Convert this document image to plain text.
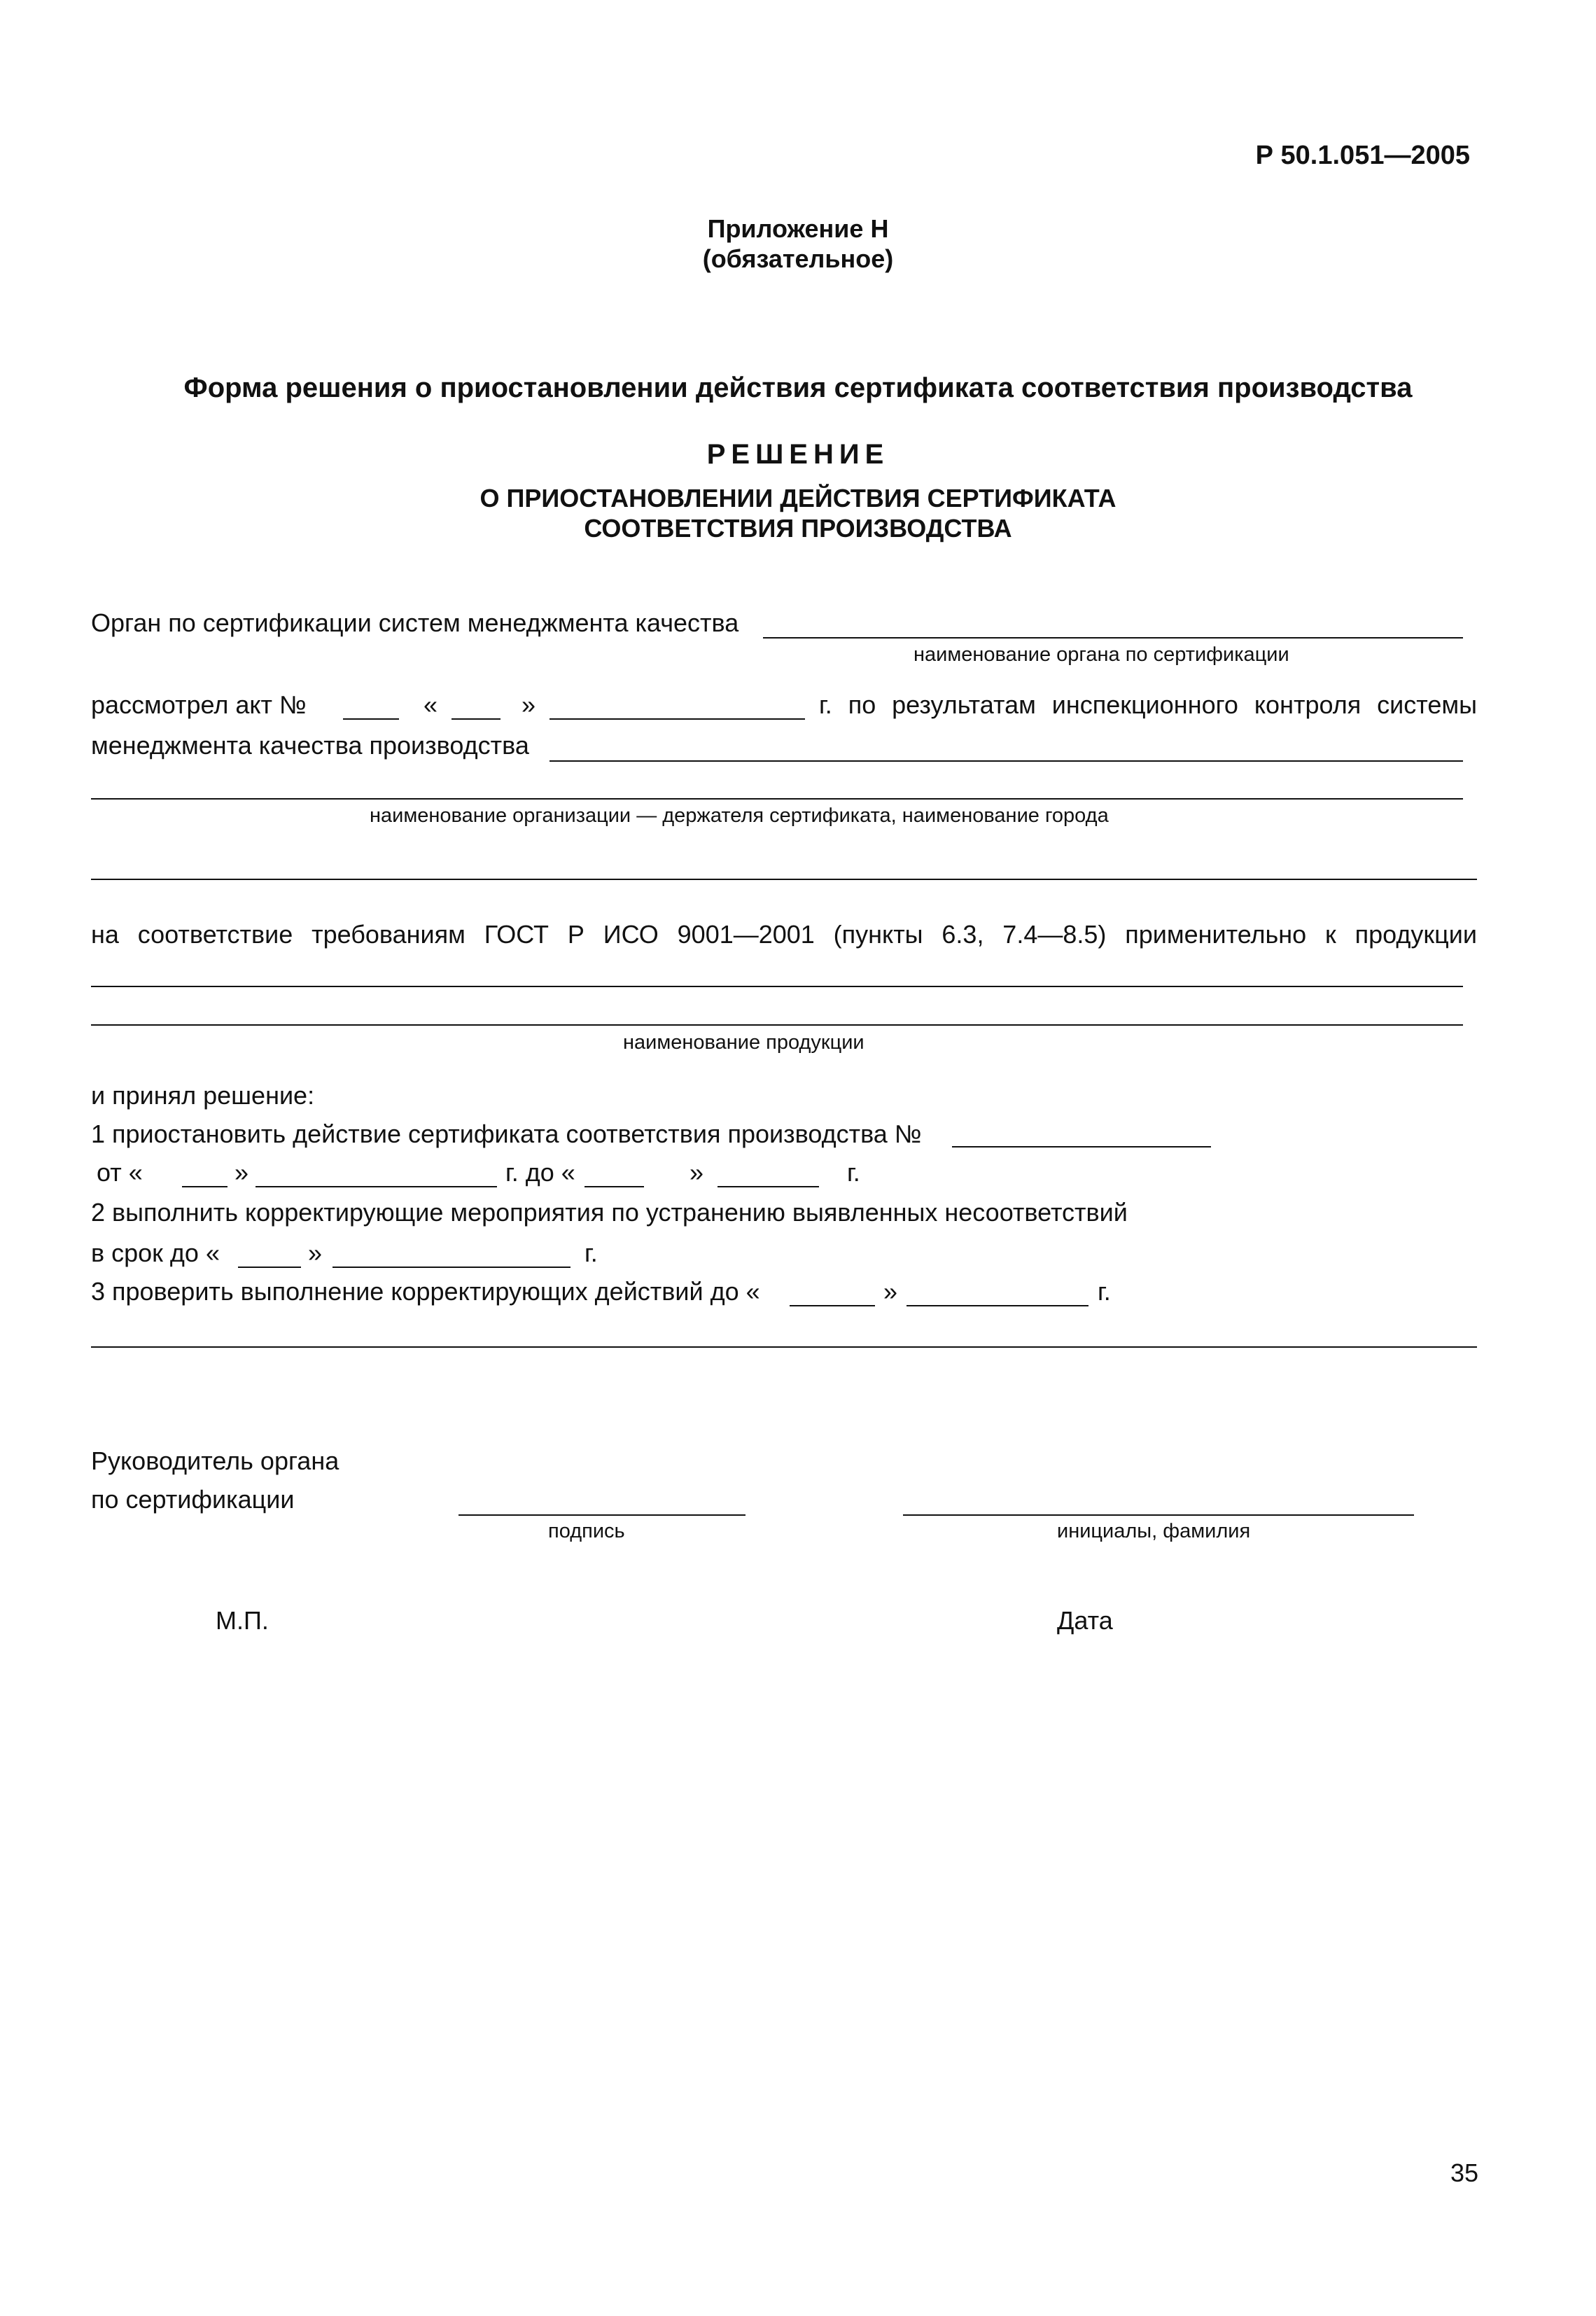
Р 50.1.051—2005
Приложение Н
(обязательное)
Форма решения о приостановлении действия сертификата соответствия производства
РЕШЕНИЕ
О ПРИОСТАНОВЛЕНИИ ДЕЙСТВИЯ СЕРТИФИКАТА
СООТВЕТСТВИЯ ПРОИЗВОДСТВА
Орган по сертификации систем менеджмента качества
наименование органа по сертификации
рассмотрел акт №	«	»	г. по результатам инспекционного контроля системы
менеджмента качества производства
наименование организации — держателя сертификата, наименование города
на соответствие требованиям ГОСТ Р ИСО 9001—2001 (пункты 6.3, 7.4—8.5) применительно к продукции
наименование продукции
и принял решение:
1 приостановить действие сертификата соответствия производства №
от «	»	г. до «	»	г.
2 выполнить корректирующие мероприятия по устранению выявленных несоответствий
в срок до «	»	г.
3 проверить выполнение корректирующих действий до «	»	г.
Руководитель органа
по сертификации
подпись	инициалы, фамилия
М.П.	Дата
35
